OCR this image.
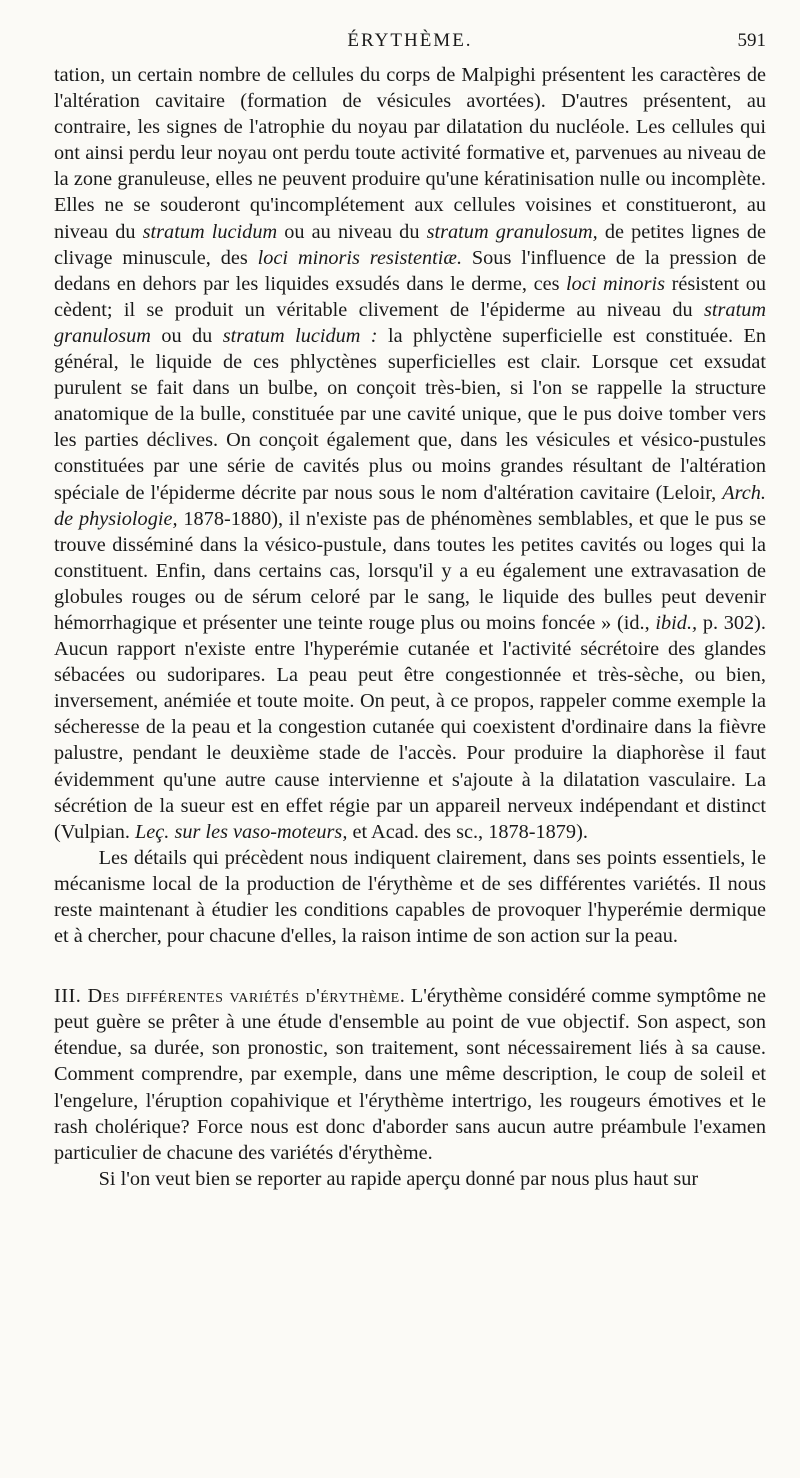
ÉRYTHÈME.	591

tation, un certain nombre de cellules du corps de Malpighi présentent les caractères de l'altération cavitaire (formation de vésicules avortées). D'autres présentent, au contraire, les signes de l'atrophie du noyau par dilatation du nucléole. Les cellules qui ont ainsi perdu leur noyau ont perdu toute activité formative et, parvenues au niveau de la zone granuleuse, elles ne peuvent produire qu'une kératinisation nulle ou incomplète. Elles ne se souderont qu'incomplétement aux cellules voisines et constitueront, au niveau du stratum lucidum ou au niveau du stratum granulosum, de petites lignes de clivage minuscule, des loci minoris resistentiæ. Sous l'influence de la pression de dedans en dehors par les liquides exsudés dans le derme, ces loci minoris résistent ou cèdent; il se produit un véritable clivement de l'épiderme au niveau du stratum granulosum ou du stratum lucidum : la phlyctène superficielle est constituée. En général, le liquide de ces phlyctènes superficielles est clair. Lorsque cet exsudat purulent se fait dans un bulbe, on conçoit très-bien, si l'on se rappelle la structure anatomique de la bulle, constituée par une cavité unique, que le pus doive tomber vers les parties déclives. On conçoit également que, dans les vésicules et vésico-pustules constituées par une série de cavités plus ou moins grandes résultant de l'altération spéciale de l'épiderme décrite par nous sous le nom d'altération cavitaire (Leloir, Arch. de physiologie, 1878-1880), il n'existe pas de phénomènes semblables, et que le pus se trouve disséminé dans la vésico-pustule, dans toutes les petites cavités ou loges qui la constituent. Enfin, dans certains cas, lorsqu'il y a eu également une extravasation de globules rouges ou de sérum celoré par le sang, le liquide des bulles peut devenir hémorrhagique et présenter une teinte rouge plus ou moins foncée » (id., ibid., p. 302). Aucun rapport n'existe entre l'hyperémie cutanée et l'activité sécrétoire des glandes sébacées ou sudoripares. La peau peut être congestionnée et très-sèche, ou bien, inversement, anémiée et toute moite. On peut, à ce propos, rappeler comme exemple la sécheresse de la peau et la congestion cutanée qui coexistent d'ordinaire dans la fièvre palustre, pendant le deuxième stade de l'accès. Pour produire la diaphorèse il faut évidemment qu'une autre cause intervienne et s'ajoute à la dilatation vasculaire. La sécrétion de la sueur est en effet régie par un appareil nerveux indépendant et distinct (Vulpian. Leç. sur les vaso-moteurs, et Acad. des sc., 1878-1879).

Les détails qui précèdent nous indiquent clairement, dans ses points essentiels, le mécanisme local de la production de l'érythème et de ses différentes variétés. Il nous reste maintenant à étudier les conditions capables de provoquer l'hyperémie dermique et à chercher, pour chacune d'elles, la raison intime de son action sur la peau.

III. Des différentes variétés d'érythème. L'érythème considéré comme symptôme ne peut guère se prêter à une étude d'ensemble au point de vue objectif. Son aspect, son étendue, sa durée, son pronostic, son traitement, sont nécessairement liés à sa cause. Comment comprendre, par exemple, dans une même description, le coup de soleil et l'engelure, l'éruption copahivique et l'érythème intertrigo, les rougeurs émotives et le rash cholérique? Force nous est donc d'aborder sans aucun autre préambule l'examen particulier de chacune des variétés d'érythème.

Si l'on veut bien se reporter au rapide aperçu donné par nous plus haut sur
